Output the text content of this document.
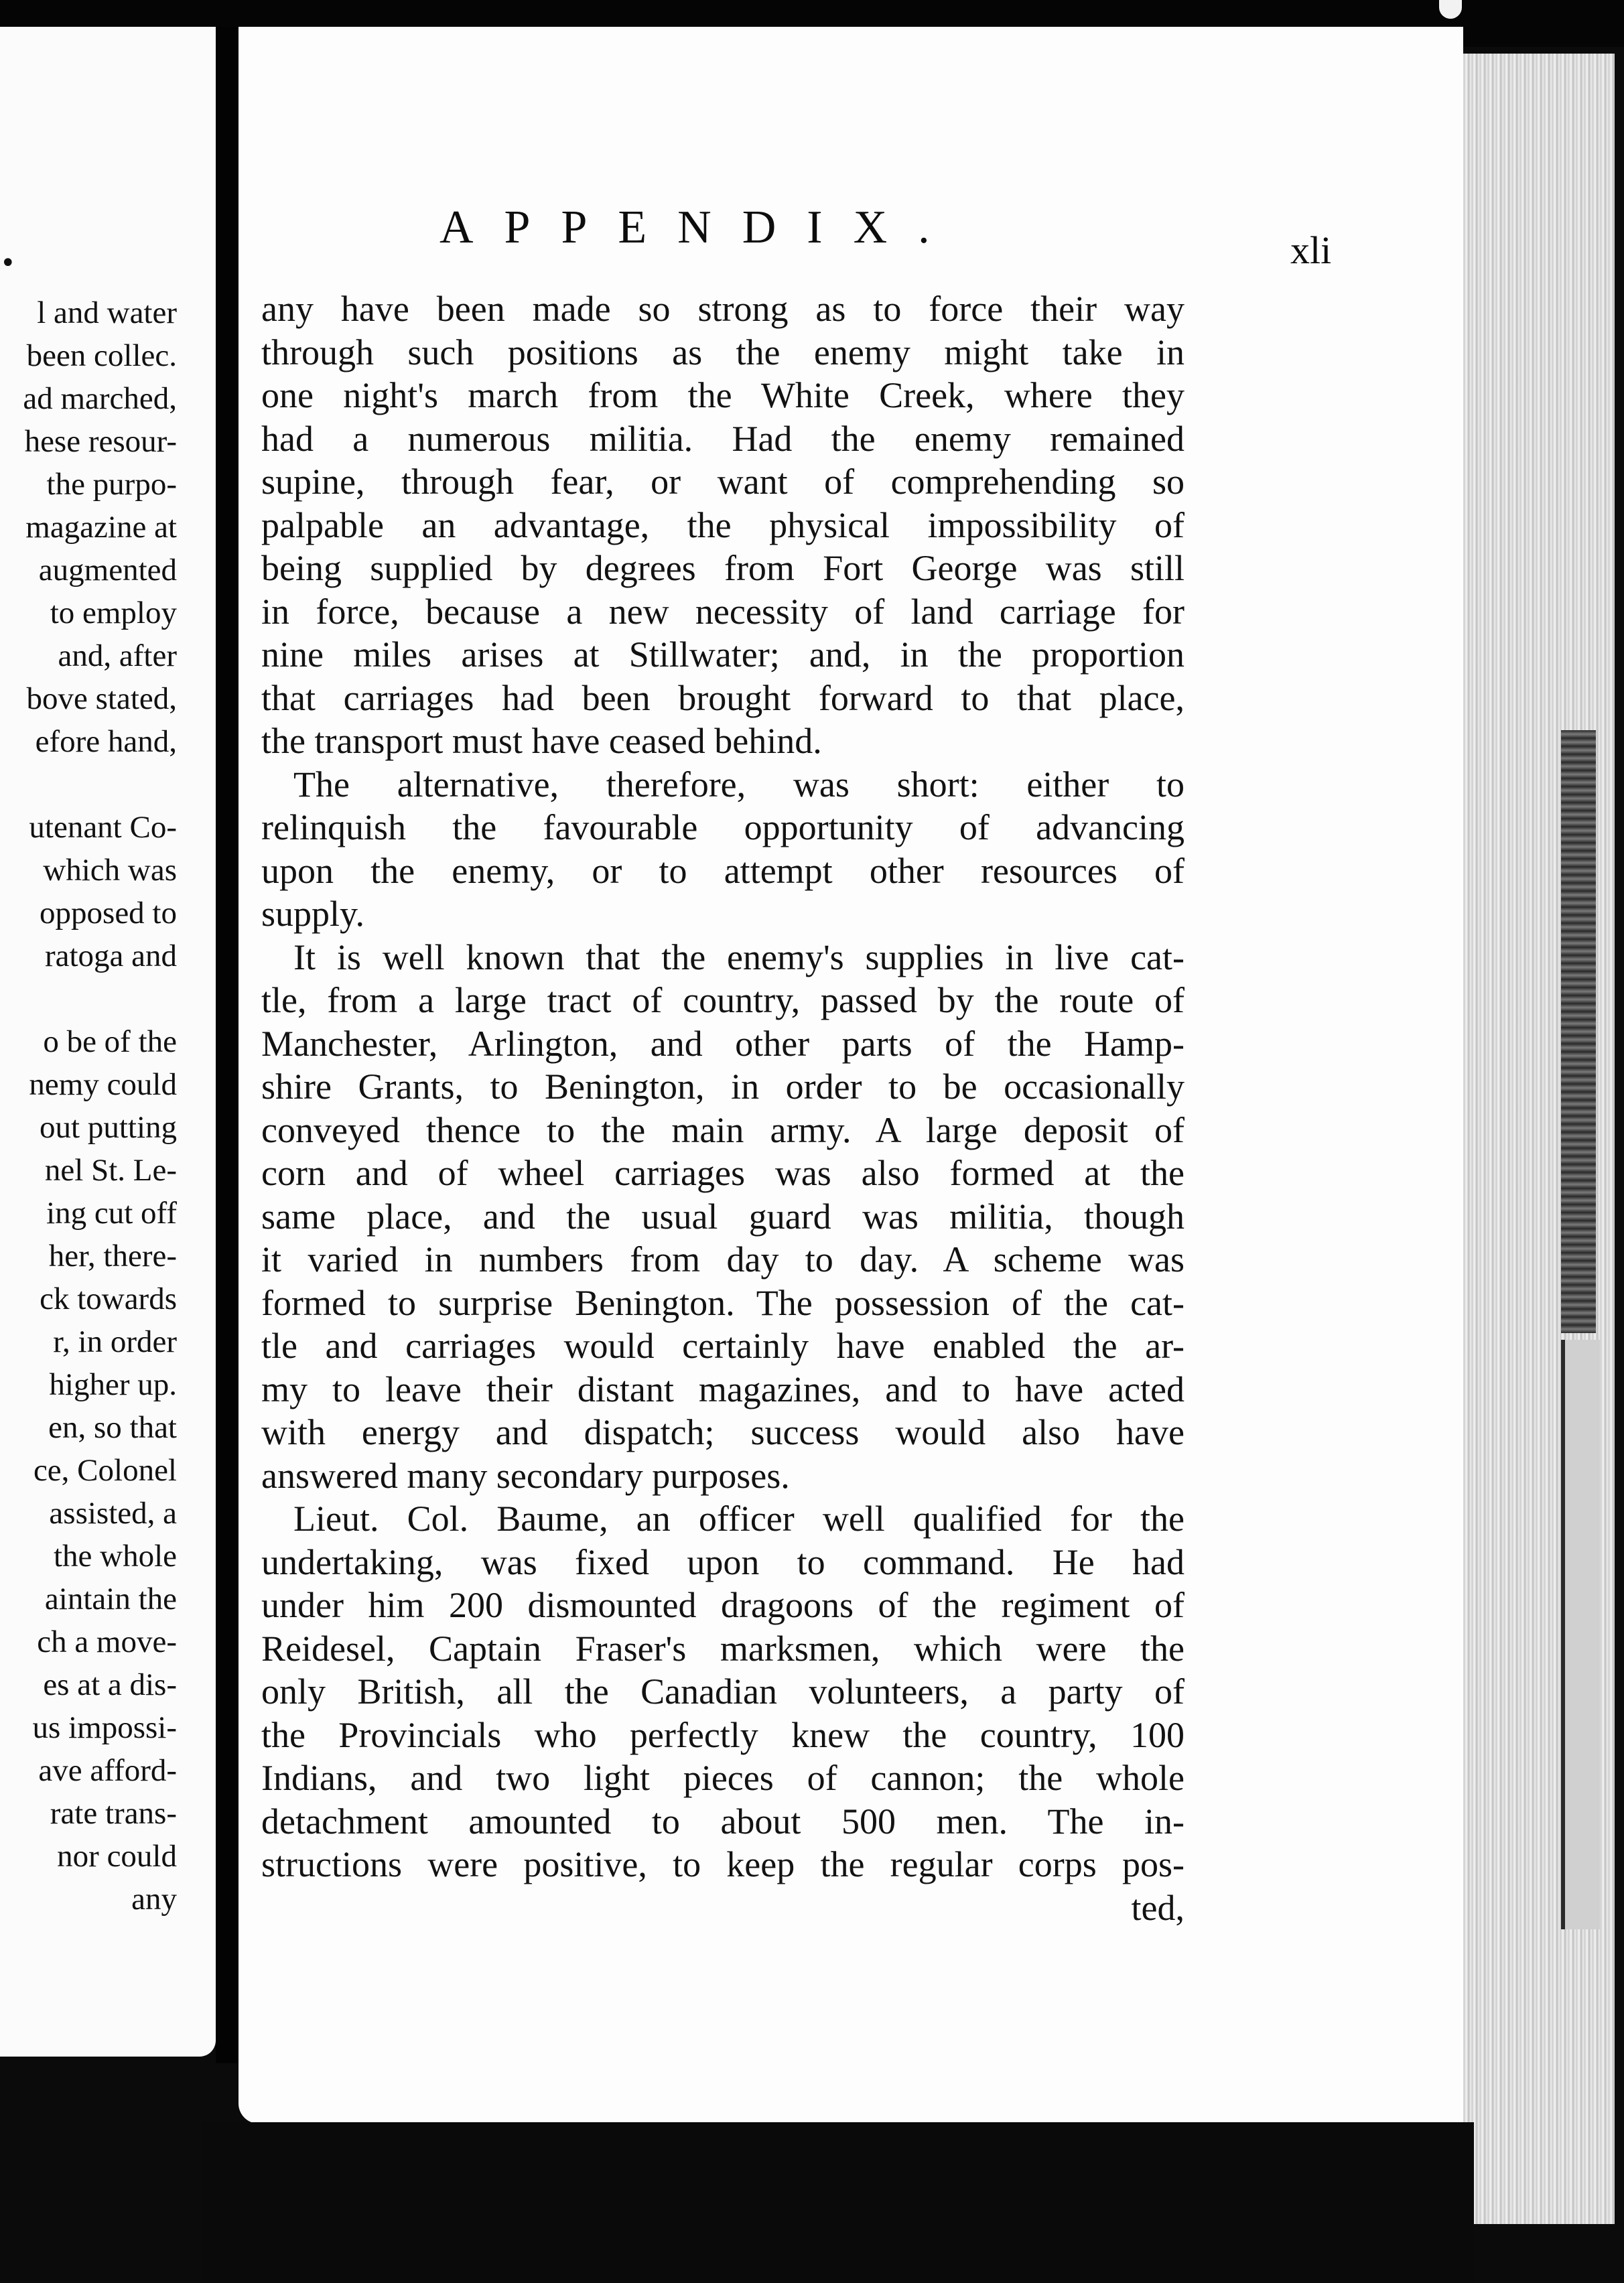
•
l and water
been collec.
ad marched,
hese resour-
the purpo-
magazine at
augmented
to employ
and, after
bove stated,
efore hand,
utenant Co-
which was
opposed to
ratoga and
o be of the
nemy could
out putting
nel St. Le-
ing cut off
her, there-
ck towards
r, in order
higher up.
en, so that
ce, Colonel
assisted, a
the whole
aintain the
ch a move-
es at a dis-
us impossi-
ave afford-
rate trans-
nor could
any
APPENDIX.	xli
any have been made so strong as to force their way
through such positions as the enemy might take in
one night's march from the White Creek, where they
had a numerous militia. Had the enemy remained
supine, through fear, or want of comprehending so
palpable an advantage, the physical impossibility of
being supplied by degrees from Fort George was still
in force, because a new necessity of land carriage for
nine miles arises at Stillwater; and, in the proportion
that carriages had been brought forward to that place,
the transport must have ceased behind.
The alternative, therefore, was short: either to
relinquish the favourable opportunity of advancing
upon the enemy, or to attempt other resources of
supply.
It is well known that the enemy's supplies in live cat-
tle, from a large tract of country, passed by the route of
Manchester, Arlington, and other parts of the Hamp-
shire Grants, to Benington, in order to be occasionally
conveyed thence to the main army. A large deposit of
corn and of wheel carriages was also formed at the
same place, and the usual guard was militia, though
it varied in numbers from day to day. A scheme was
formed to surprise Benington. The possession of the cat-
tle and carriages would certainly have enabled the ar-
my to leave their distant magazines, and to have acted
with energy and dispatch; success would also have
answered many secondary purposes.
Lieut. Col. Baume, an officer well qualified for the
undertaking, was fixed upon to command. He had
under him 200 dismounted dragoons of the regiment of
Reidesel, Captain Fraser's marksmen, which were the
only British, all the Canadian volunteers, a party of
the Provincials who perfectly knew the country, 100
Indians, and two light pieces of cannon; the whole
detachment amounted to about 500 men. The in-
structions were positive, to keep the regular corps pos-
ted,
